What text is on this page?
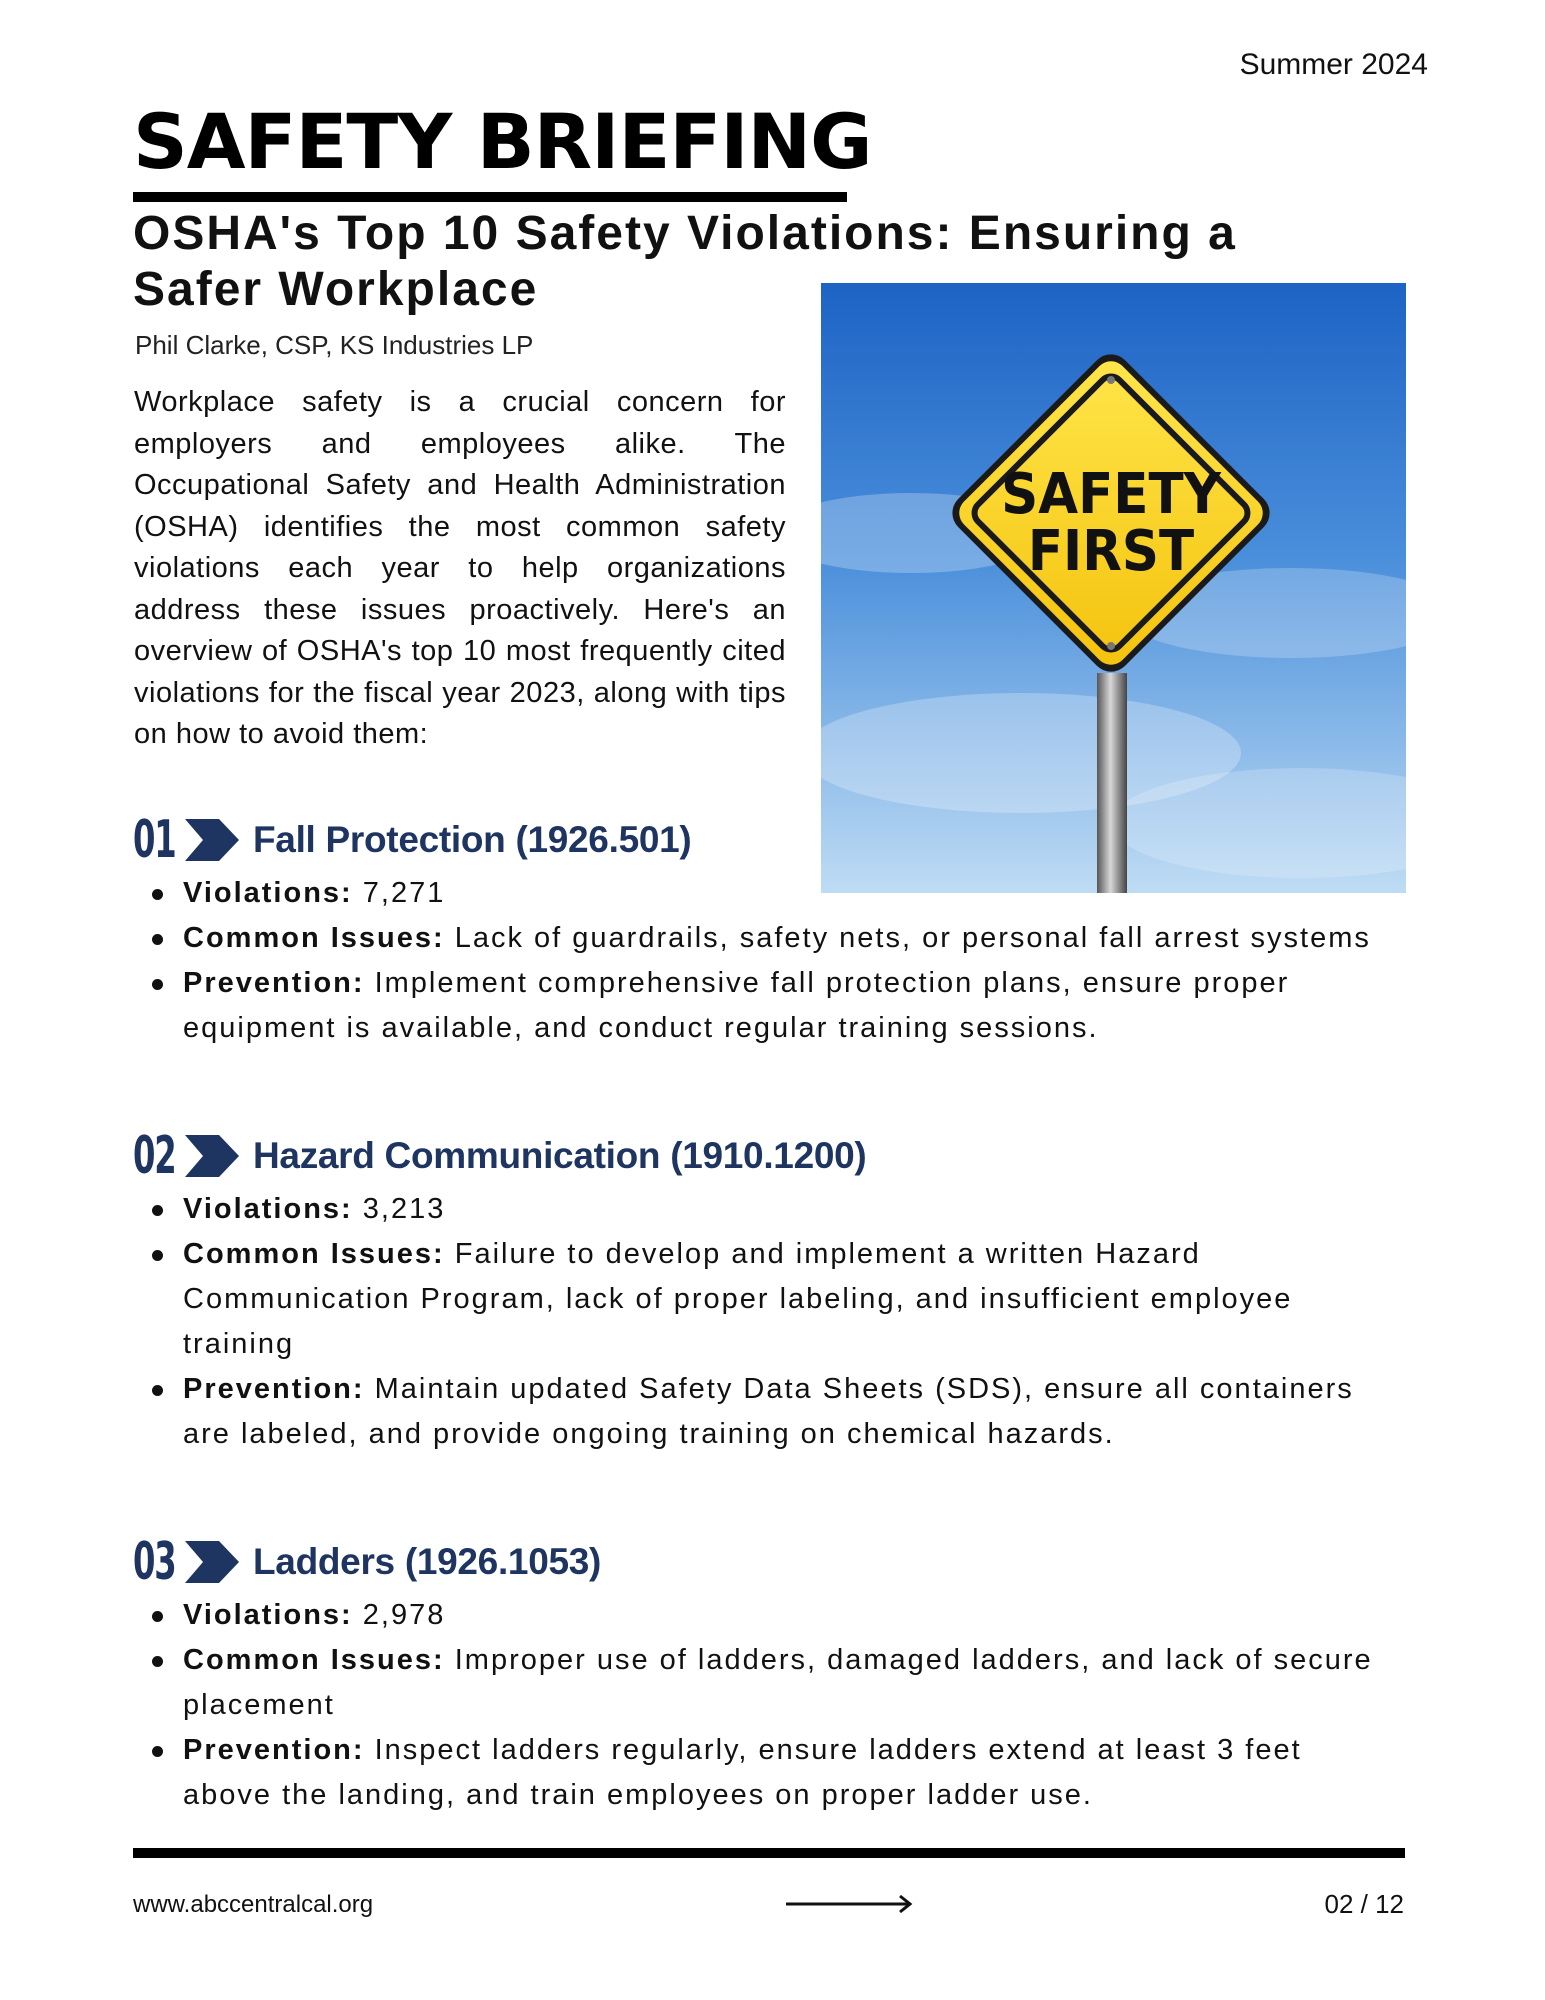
Summer 2024
SAFETY BRIEFING
OSHA's Top 10 Safety Violations: Ensuring a Safer Workplace
Phil Clarke, CSP, KS Industries LP

Workplace safety is a crucial concern for employers and employees alike. The Occupational Safety and Health Administration (OSHA) identifies the most common safety violations each year to help organizations address these issues proactively. Here's an overview of OSHA's top 10 most frequently cited violations for the fiscal year 2023, along with tips on how to avoid them:

SAFETY
FIRST
01 Fall Protection (1926.501)
Violations: 7,271
Common Issues: Lack of guardrails, safety nets, or personal fall arrest systems
Prevention: Implement comprehensive fall protection plans, ensure proper equipment is available, and conduct regular training sessions.
02 Hazard Communication (1910.1200)
Violations: 3,213
Common Issues: Failure to develop and implement a written Hazard Communication Program, lack of proper labeling, and insufficient employee training
Prevention: Maintain updated Safety Data Sheets (SDS), ensure all containers are labeled, and provide ongoing training on chemical hazards.
03 Ladders (1926.1053)
Violations: 2,978
Common Issues: Improper use of ladders, damaged ladders, and lack of secure placement
Prevention: Inspect ladders regularly, ensure ladders extend at least 3 feet above the landing, and train employees on proper ladder use.
www.abccentralcal.org	02 / 12
